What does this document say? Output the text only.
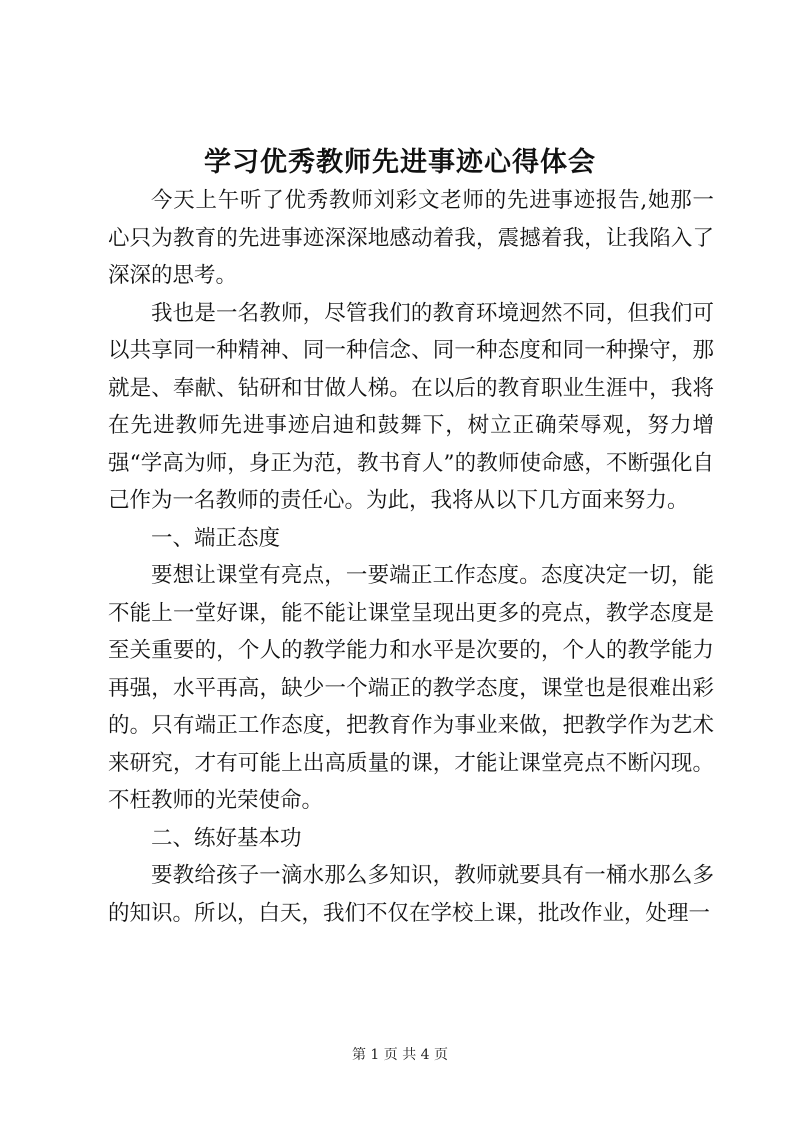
学习优秀教师先进事迹心得体会

今天上午听了优秀教师刘彩文老师的先进事迹报告,她那一心只为教育的先进事迹深深地感动着我，震撼着我，让我陷入了深深的思考。

我也是一名教师，尽管我们的教育环境迥然不同，但我们可以共享同一种精神、同一种信念、同一种态度和同一种操守，那就是、奉献、钻研和甘做人梯。在以后的教育职业生涯中，我将在先进教师先进事迹启迪和鼓舞下，树立正确荣辱观，努力增强“学高为师，身正为范，教书育人”的教师使命感，不断强化自己作为一名教师的责任心。为此，我将从以下几方面来努力。

一、端正态度

要想让课堂有亮点，一要端正工作态度。态度决定一切，能不能上一堂好课，能不能让课堂呈现出更多的亮点，教学态度是至关重要的，个人的教学能力和水平是次要的，个人的教学能力再强，水平再高，缺少一个端正的教学态度，课堂也是很难出彩的。只有端正工作态度，把教育作为事业来做，把教学作为艺术来研究，才有可能上出高质量的课，才能让课堂亮点不断闪现。不枉教师的光荣使命。

二、练好基本功

要教给孩子一滴水那么多知识，教师就要具有一桶水那么多的知识。所以，白天，我们不仅在学校上课，批改作业，处理一

第 1 页 共 4 页
